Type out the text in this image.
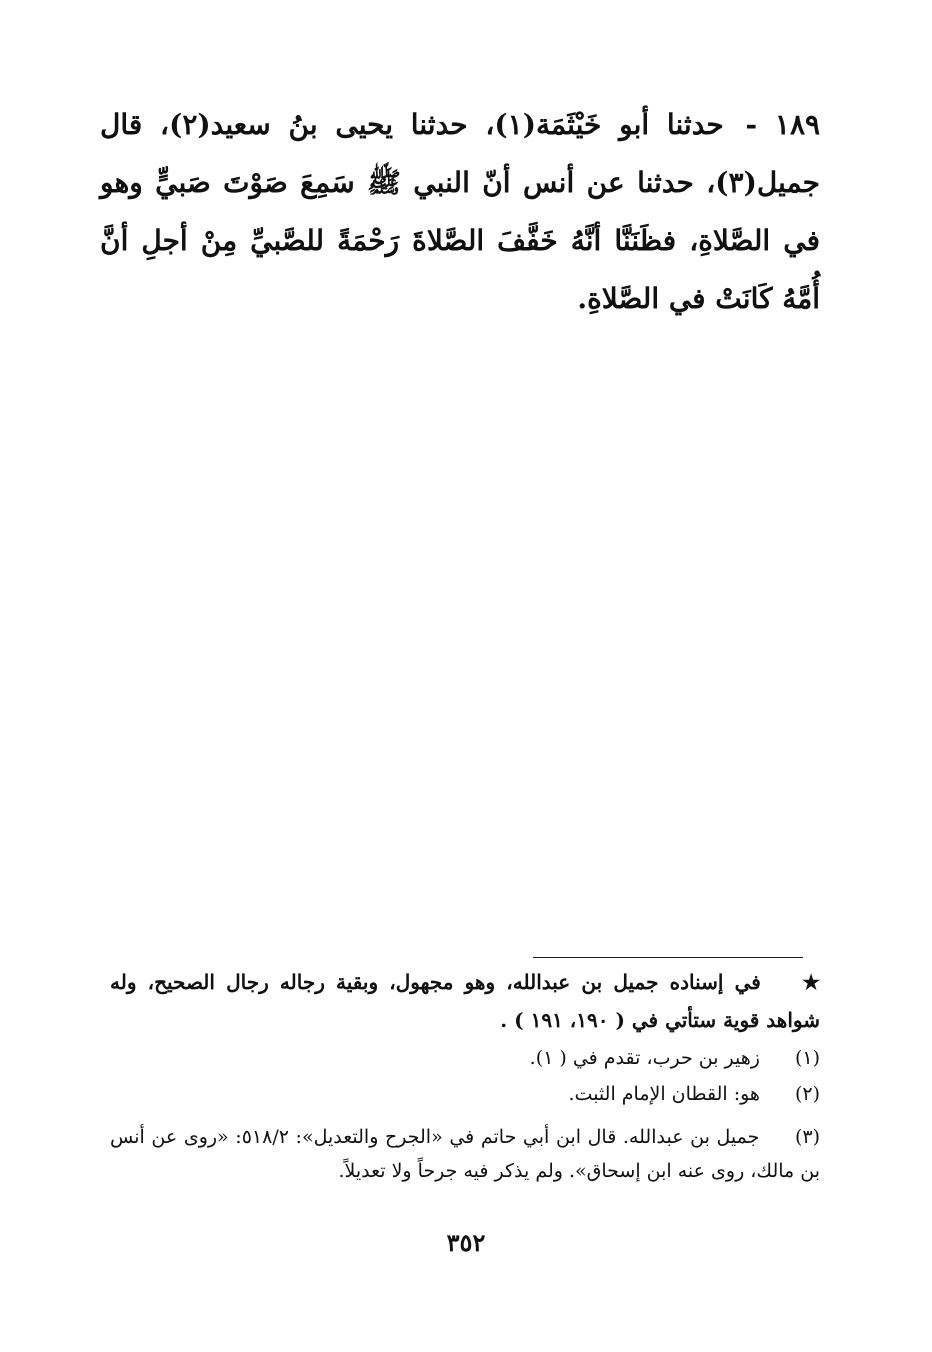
١٨٩ - حدثنا أبو خَيْثَمَة(١)، حدثنا يحيى بنُ سعيد(٢)، قال جميل(٣)، حدثنا عن أنس أنّ النبي ﷺ سَمِعَ صَوْتَ صَبيٍّ وهو في الصَّلاةِ، فظَنَنَّا أنَّهُ خَفَّفَ الصَّلاةَ رَحْمَةً للصَّبيِّ مِنْ أجلِ أنَّ أُمَّهُ كَانَتْ في الصَّلاةِ.
★ في إسناده جميل بن عبدالله، وهو مجهول، وبقية رجاله رجال الصحيح، وله شواهد قوية ستأتي في ( ١٩٠، ١٩١ ) .
(١) زهير بن حرب، تقدم في ( ١).
(٢) هو: القطان الإمام الثبت.
(٣) جميل بن عبدالله. قال ابن أبي حاتم في «الجرح والتعديل»: ٥١٨/٢: «روى عن أنس بن مالك، روى عنه ابن إسحاق». ولم يذكر فيه جرحاً ولا تعديلاً.
٣٥٢
